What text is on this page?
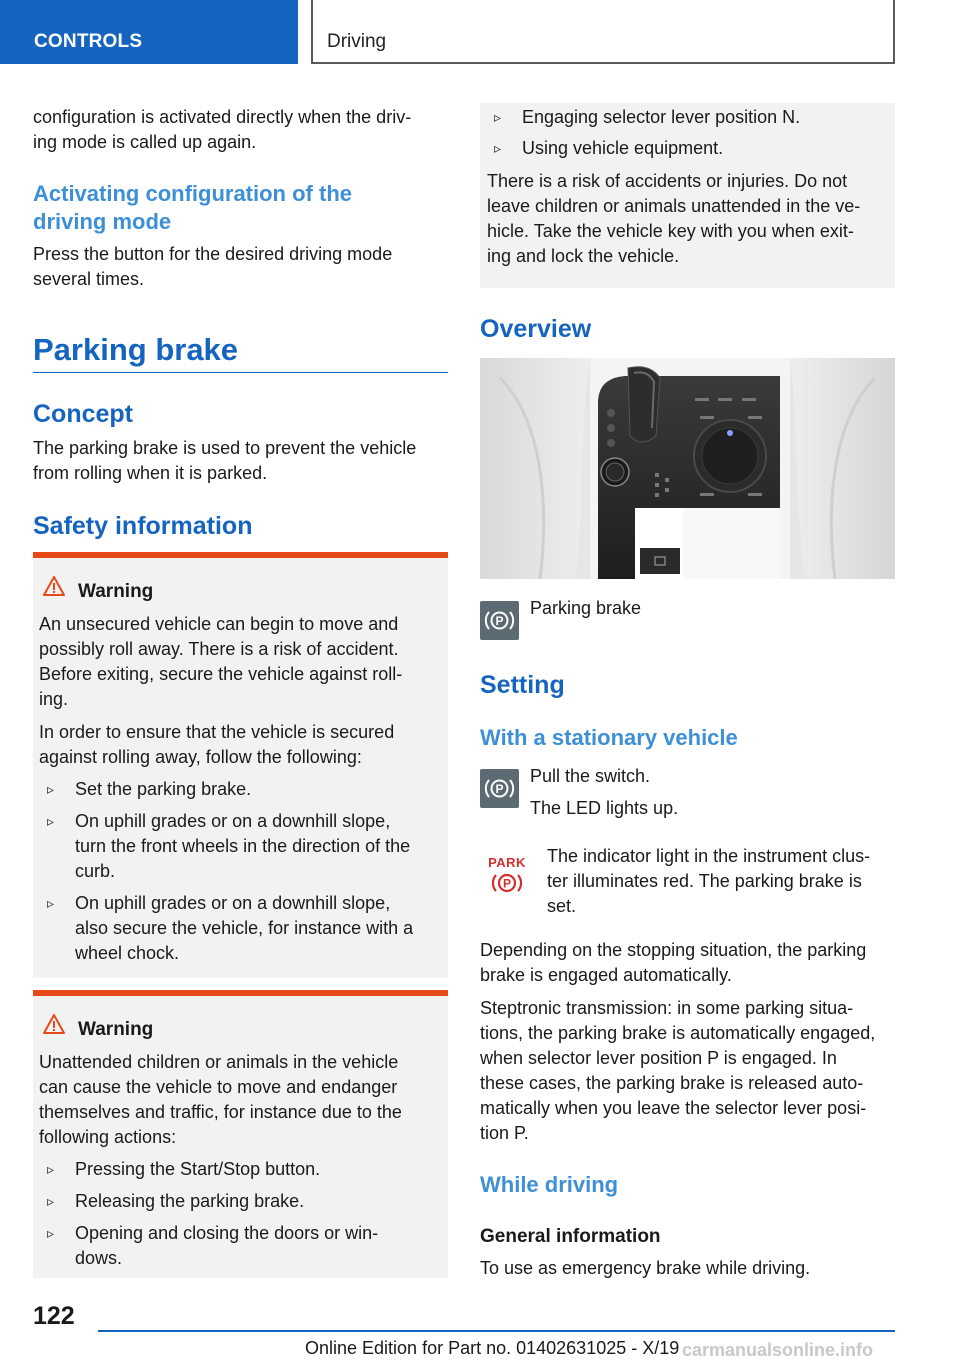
CONTROLS	Driving
configuration is activated directly when the driv-
ing mode is called up again.
Activating configuration of the
driving mode
Press the button for the desired driving mode
several times.
Parking brake
Concept
The parking brake is used to prevent the vehicle
from rolling when it is parked.
Safety information
Warning
An unsecured vehicle can begin to move and
possibly roll away. There is a risk of accident.
Before exiting, secure the vehicle against roll-
ing.
In order to ensure that the vehicle is secured
against rolling away, follow the following:
▹	Set the parking brake.
▹	On uphill grades or on a downhill slope,
turn the front wheels in the direction of the
curb.
▹	On uphill grades or on a downhill slope,
also secure the vehicle, for instance with a
wheel chock.
Warning
Unattended children or animals in the vehicle
can cause the vehicle to move and endanger
themselves and traffic, for instance due to the
following actions:
▹	Pressing the Start/Stop button.
▹	Releasing the parking brake.
▹	Opening and closing the doors or win-
dows.
▹	Engaging selector lever position N.
▹	Using vehicle equipment.
There is a risk of accidents or injuries. Do not
leave children or animals unattended in the ve-
hicle. Take the vehicle key with you when exit-
ing and lock the vehicle.
Overview
P
Parking brake
Setting
With a stationary vehicle
P
Pull the switch.
The LED lights up.
PARK
P
The indicator light in the instrument clus-
ter illuminates red. The parking brake is
set.
Depending on the stopping situation, the parking
brake is engaged automatically.
Steptronic transmission: in some parking situa-
tions, the parking brake is automatically engaged,
when selector lever position P is engaged. In
these cases, the parking brake is released auto-
matically when you leave the selector lever posi-
tion P.
While driving
General information
To use as emergency brake while driving.
122
Online Edition for Part no. 01402631025 - X/19 carmanualsonline.info
